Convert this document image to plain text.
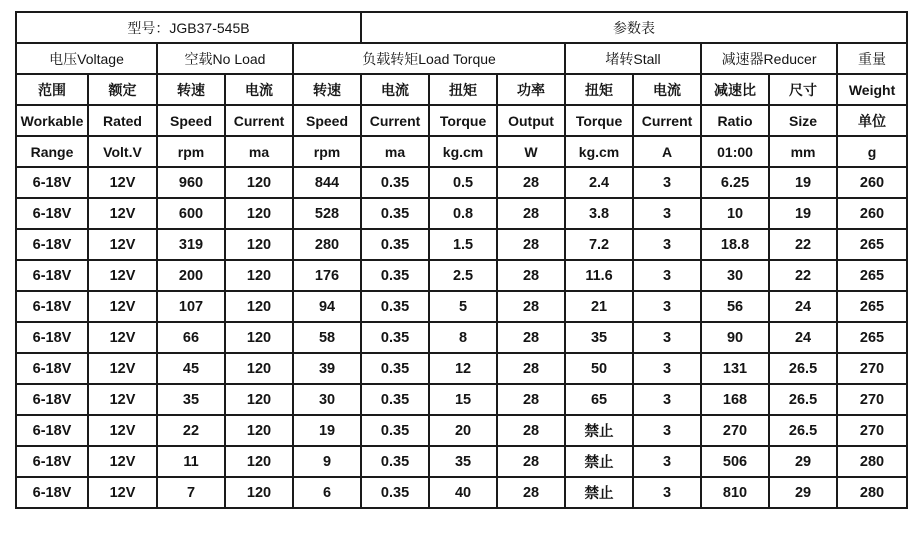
型号：JGB37-545B					参数表							
电压Voltage		空载No Load		负载转矩Load Torque				堵转Stall		减速器Reducer		重量
范围	额定	转速	电流	转速	电流	扭矩	功率	扭矩	电流	减速比	尺寸	Weight
Workable	Rated	Speed	Current	Speed	Current	Torque	Output	Torque	Current	Ratio	Size	单位
Range	Volt.V	rpm	ma	rpm	ma	kg.cm	W	kg.cm	A	01:00	mm	g
6-18V	12V	960	120	844	0.35	0.5	28	2.4	3	6.25	19	260
6-18V	12V	600	120	528	0.35	0.8	28	3.8	3	10	19	260
6-18V	12V	319	120	280	0.35	1.5	28	7.2	3	18.8	22	265
6-18V	12V	200	120	176	0.35	2.5	28	11.6	3	30	22	265
6-18V	12V	107	120	94	0.35	5	28	21	3	56	24	265
6-18V	12V	66	120	58	0.35	8	28	35	3	90	24	265
6-18V	12V	45	120	39	0.35	12	28	50	3	131	26.5	270
6-18V	12V	35	120	30	0.35	15	28	65	3	168	26.5	270
6-18V	12V	22	120	19	0.35	20	28	禁止	3	270	26.5	270
6-18V	12V	11	120	9	0.35	35	28	禁止	3	506	29	280
6-18V	12V	7	120	6	0.35	40	28	禁止	3	810	29	280
